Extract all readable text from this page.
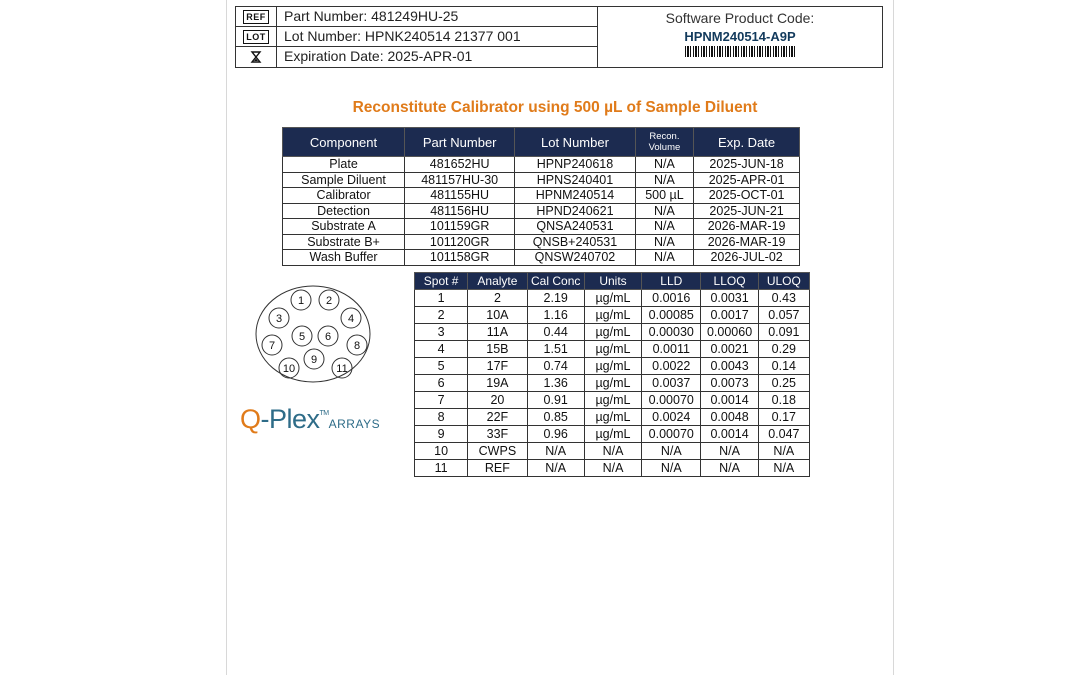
REF	Part Number: 481249HU-25
LOT	Lot Number: HPNK240514 21377 001
Expiration Date: 2025-APR-01
Software Product Code:
HPNM240514-A9P
Reconstitute Calibrator using 500 µL of Sample Diluent
Component	Part Number	Lot Number	Recon. Volume	Exp. Date
Plate	481652HU	HPNP240618	N/A	2025-JUN-18
Sample Diluent	481157HU-30	HPNS240401	N/A	2025-APR-01
Calibrator	481155HU	HPNM240514	500 µL	2025-OCT-01
Detection	481156HU	HPND240621	N/A	2025-JUN-21
Substrate A	101159GR	QNSA240531	N/A	2026-MAR-19
Substrate B+	101120GR	QNSB+240531	N/A	2026-MAR-19
Wash Buffer	101158GR	QNSW240702	N/A	2026-JUL-02
1 2
3	4
5 6
7	8
9
10	11
Spot #	Analyte	Cal Conc	Units	LLD	LLOQ	ULOQ
1	2	2.19	µg/mL	0.0016	0.0031	0.43
2	10A	1.16	µg/mL	0.00085	0.0017	0.057
3	11A	0.44	µg/mL	0.00030	0.00060	0.091
4	15B	1.51	µg/mL	0.0011	0.0021	0.29
5	17F	0.74	µg/mL	0.0022	0.0043	0.14
6	19A	1.36	µg/mL	0.0037	0.0073	0.25
7	20	0.91	µg/mL	0.00070	0.0014	0.18
8	22F	0.85	µg/mL	0.0024	0.0048	0.17
9	33F	0.96	µg/mL	0.00070	0.0014	0.047
10	CWPS	N/A	N/A	N/A	N/A	N/A
11	REF	N/A	N/A	N/A	N/A	N/A
Q-Plex™ARRAYS
